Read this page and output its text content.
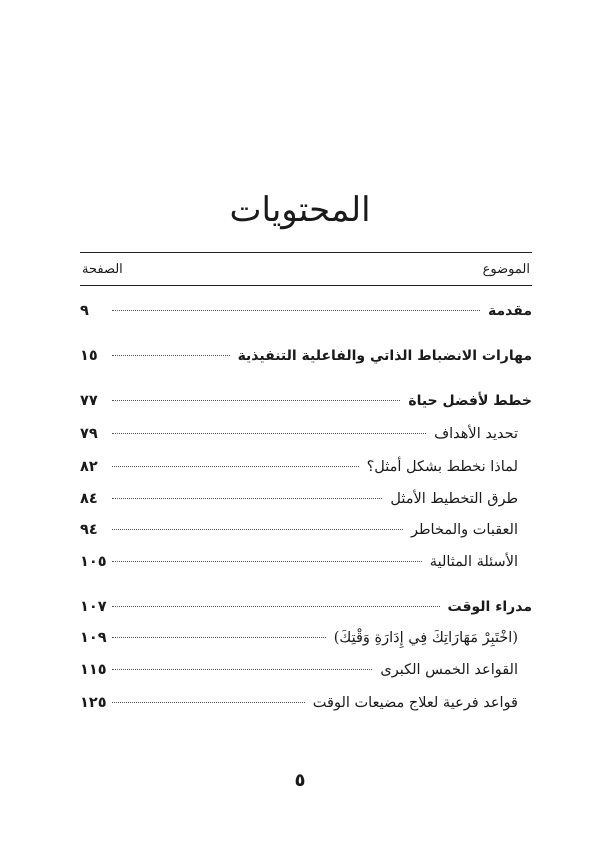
المحتويات
الموضوع
الصفحة
مقدمة
٩
مهارات الانضباط الذاتي والفاعلية التنفيذية
١٥
خطط لأفضل حياة
٧٧
تحديد الأهداف
٧٩
لماذا نخطط بشكل أمثل؟
٨٢
طرق التخطيط الأمثل
٨٤
العقبات والمخاطر
٩٤
الأسئلة المثالية
١٠٥
مدراء الوقت
١٠٧
(اخْتَبِرْ مَهَارَاتِكَ فِي إِدَارَةِ وَقْتِكَ)
١٠٩
القواعد الخمس الكبرى
١١٥
قواعد فرعية لعلاج مضيعات الوقت
١٢٥
٥
